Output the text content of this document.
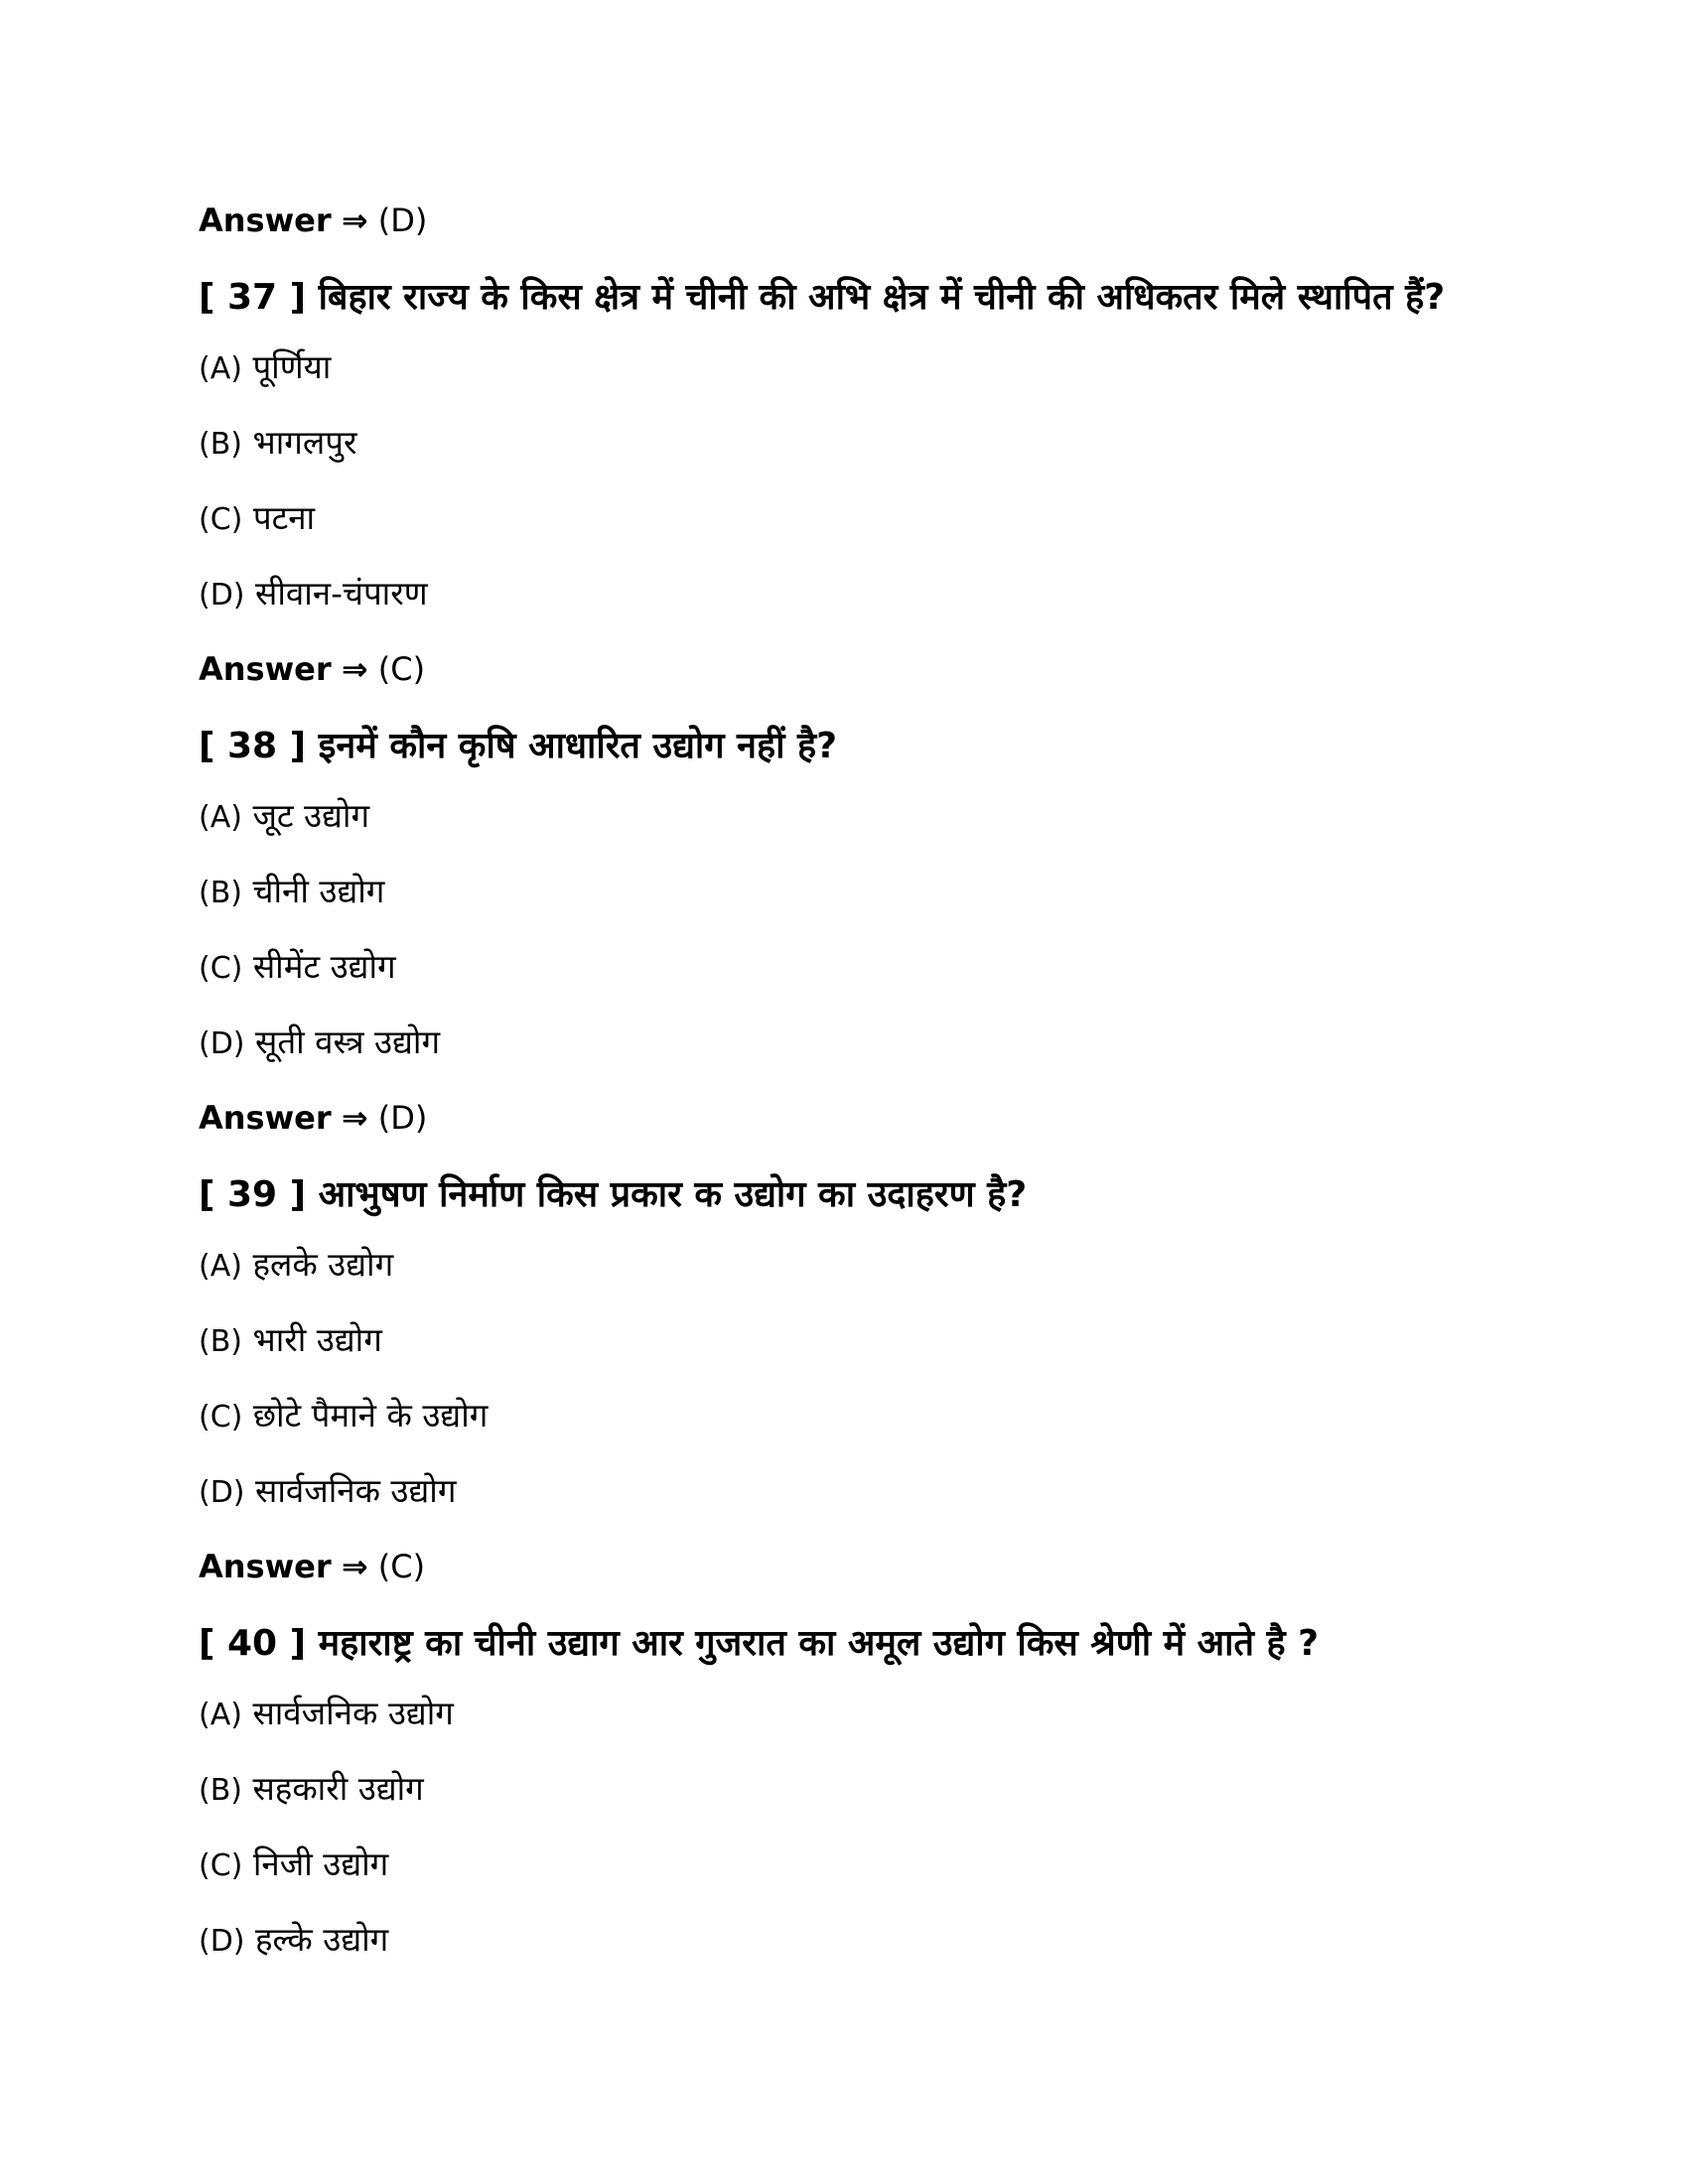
Answer ⇒ (D)

[ 37 ] बिहार राज्य के किस क्षेत्र में चीनी की अभि क्षेत्र में चीनी की अधिकतर मिले स्थापित हैं?

(A) पूर्णिया

(B) भागलपुर

(C) पटना

(D) सीवान-चंपारण

Answer ⇒ (C)

[ 38 ] इनमें कौन कृषि आधारित उद्योग नहीं है?

(A) जूट उद्योग

(B) चीनी उद्योग

(C) सीमेंट उद्योग

(D) सूती वस्त्र उद्योग

Answer ⇒ (D)

[ 39 ] आभुषण निर्माण किस प्रकार क उद्योग का उदाहरण है?

(A) हलके उद्योग

(B) भारी उद्योग

(C) छोटे पैमाने के उद्योग

(D) सार्वजनिक उद्योग

Answer ⇒ (C)

[ 40 ] महाराष्ट्र का चीनी उद्याग आर गुजरात का अमूल उद्योग किस श्रेणी में आते है ?

(A) सार्वजनिक उद्योग

(B) सहकारी उद्योग

(C) निजी उद्योग

(D) हल्के उद्योग
